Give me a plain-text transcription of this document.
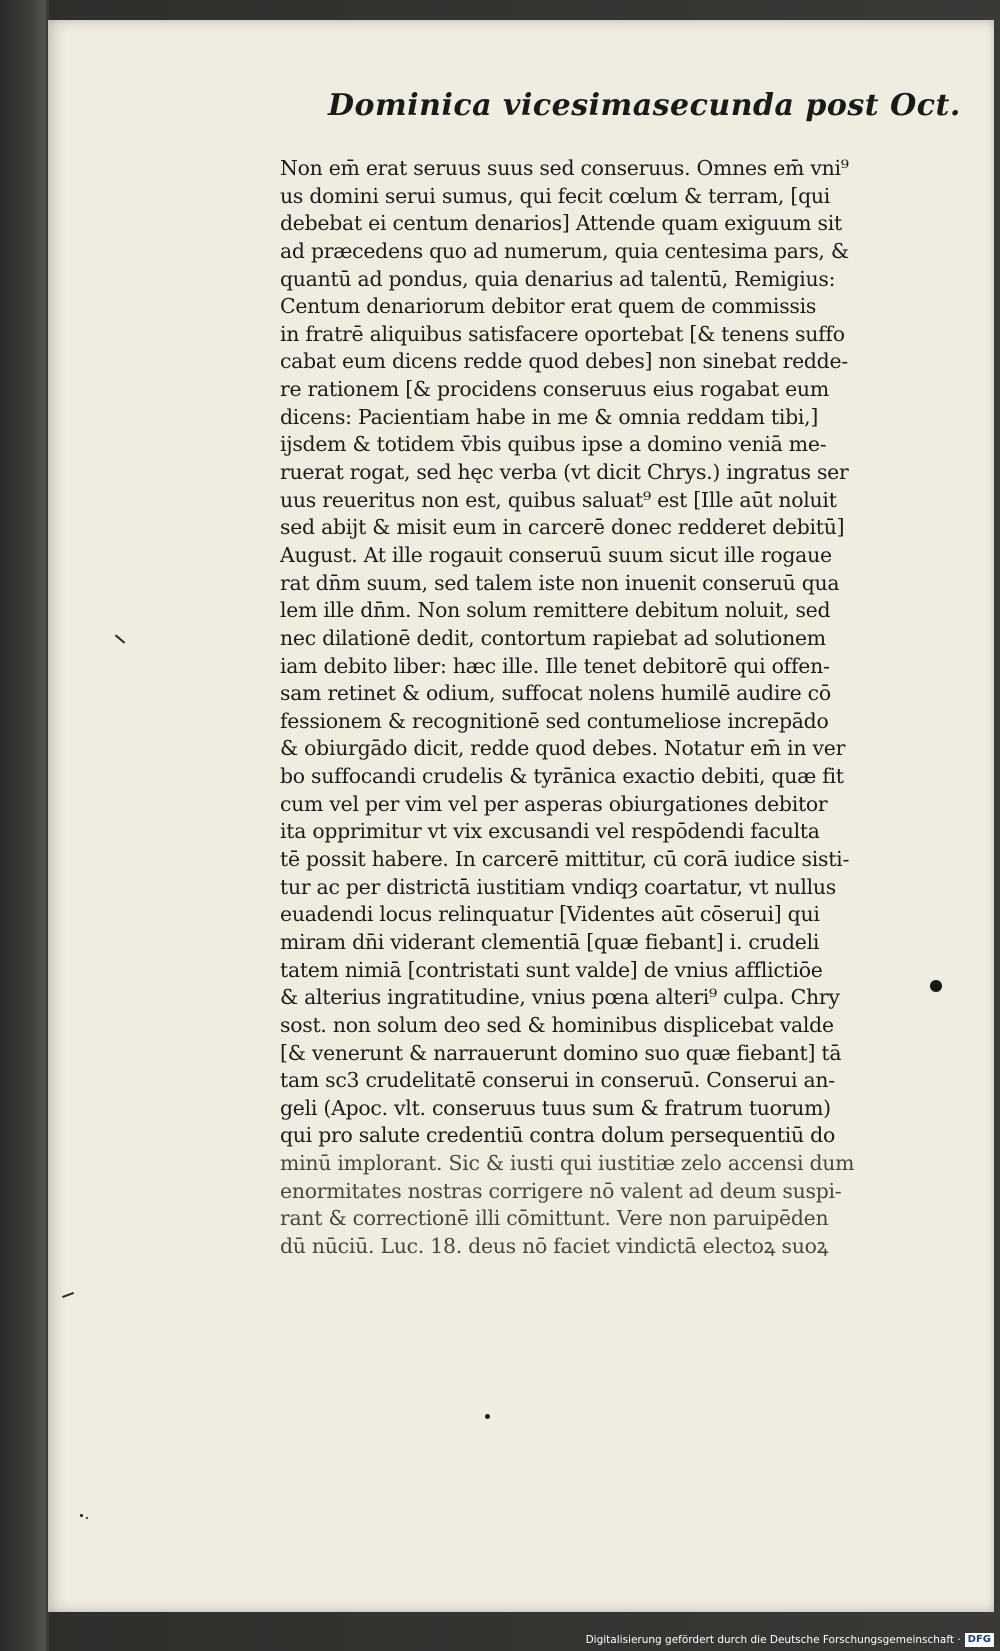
Dominica vicesimasecunda post Oct.
Non em̄ erat seruus suus sed conseruus. Omnes em̄ vni⁹
us domini serui sumus, qui fecit cœlum & terram, [qui
debebat ei centum denarios] Attende quam exiguum sit
ad præcedens quo ad numerum, quia centesima pars, &
quantū ad pondus, quia denarius ad talentū, Remigius:
Centum denariorum debitor erat quem de commissis
in fratrē aliquibus satisfacere oportebat [& tenens suffo
cabat eum dicens redde quod debes] non sinebat redde-
re rationem [& procidens conseruus eius rogabat eum
dicens: Pacientiam habe in me & omnia reddam tibi,]
ijsdem & totidem v̄bis quibus ipse a domino veniā me-
ruerat rogat, sed hęc verba (vt dicit Chrys.) ingratus ser
uus reueritus non est, quibus saluat⁹ est [Ille aūt noluit
sed abijt & misit eum in carcerē donec redderet debitū]
August. At ille rogauit conseruū suum sicut ille rogaue
rat dn̄m suum, sed talem iste non inuenit conseruū qua
lem ille dn̄m. Non solum remittere debitum noluit, sed
nec dilationē dedit, contortum rapiebat ad solutionem
iam debito liber: hæc ille. Ille tenet debitorē qui offen-
sam retinet & odium, suffocat nolens humilē audire cō
fessionem & recognitionē sed contumeliose increpādo
& obiurgādo dicit, redde quod debes. Notatur em̄ in ver
bo suffocandi crudelis & tyrānica exactio debiti, quæ fit
cum vel per vim vel per asperas obiurgationes debitor
ita opprimitur vt vix excusandi vel respōdendi faculta
tē possit habere. In carcerē mittitur, cū corā iudice sisti-
tur ac per districtā iustitiam vndiqȝ coartatur, vt nullus
euadendi locus relinquatur [Videntes aūt cōserui] qui
miram dn̄i viderant clementiā [quæ fiebant] i. crudeli
tatem nimiā [contristati sunt valde] de vnius afflictiōe
& alterius ingratitudine, vnius pœna alteri⁹ culpa. Chry
sost. non solum deo sed & hominibus displicebat valde
[& venerunt & narrauerunt domino suo quæ fiebant] tā
tam sc3 crudelitatē conserui in conseruū. Conserui an-
geli (Apoc. vlt. conseruus tuus sum & fratrum tuorum)
qui pro salute credentiū contra dolum persequentiū do
minū implorant. Sic & iusti qui iustitiæ zelo accensi dum
enormitates nostras corrigere nō valent ad deum suspi-
rant & correctionē illi cōmittunt. Vere non paruipēden
dū nūciū. Luc. 18. deus nō faciet vindictā electoꝝ suoꝝ
Digitalisierung gefördert durch die Deutsche Forschungsgemeinschaft · DFG
